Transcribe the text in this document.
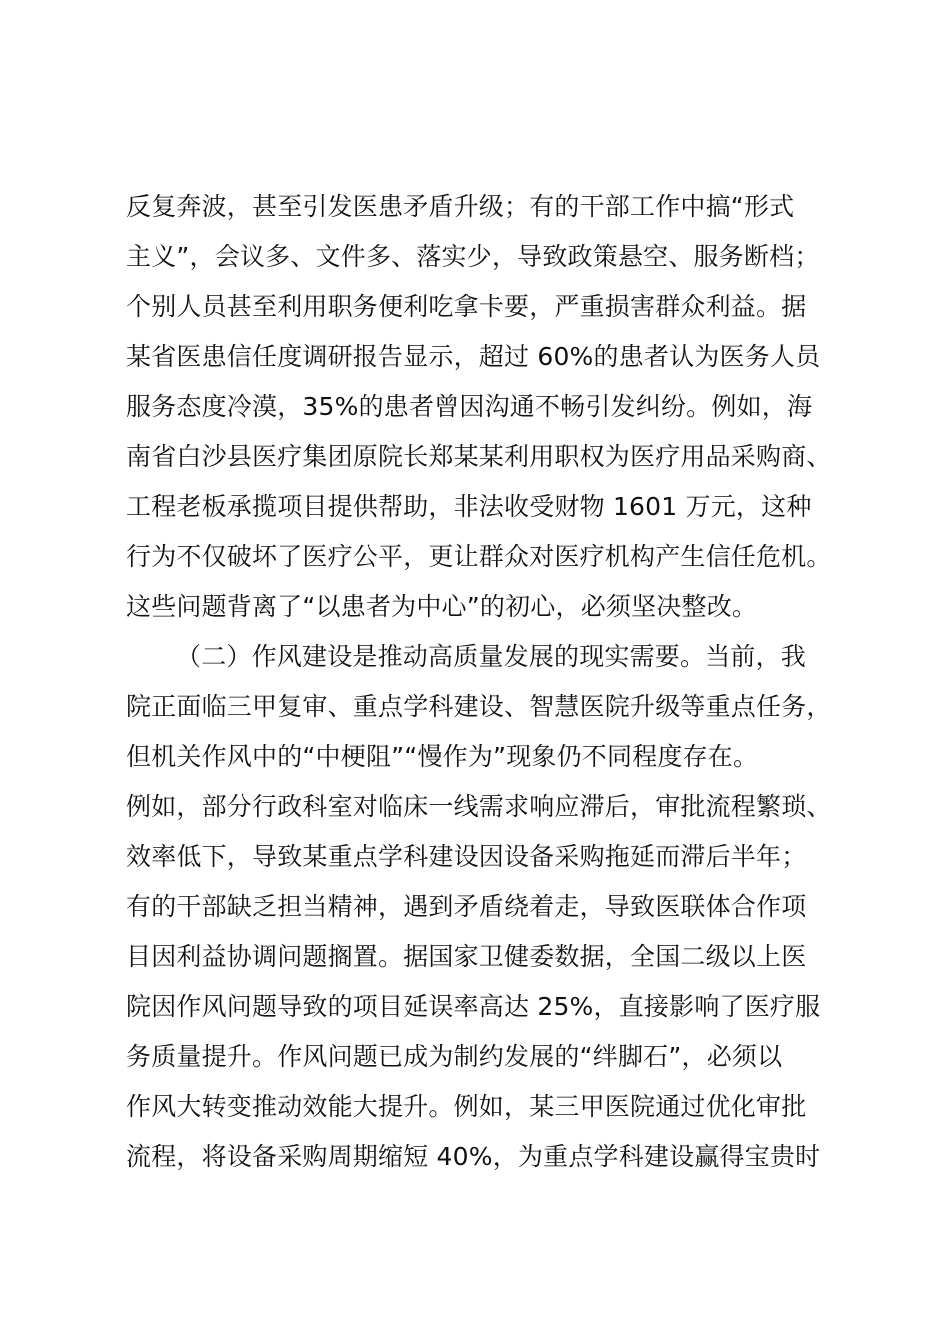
反复奔波，甚至引发医患矛盾升级；有的干部工作中搞“形式
主义”，会议多、文件多、落实少，导致政策悬空、服务断档；
个别人员甚至利用职务便利吃拿卡要，严重损害群众利益。据
某省医患信任度调研报告显示，超过 60%的患者认为医务人员
服务态度冷漠，35%的患者曾因沟通不畅引发纠纷。例如，海
南省白沙县医疗集团原院长郑某某利用职权为医疗用品采购商、
工程老板承揽项目提供帮助，非法收受财物 1601 万元，这种
行为不仅破坏了医疗公平，更让群众对医疗机构产生信任危机。
这些问题背离了“以患者为中心”的初心，必须坚决整改。
（二）作风建设是推动高质量发展的现实需要。当前，我
院正面临三甲复审、重点学科建设、智慧医院升级等重点任务，
但机关作风中的“中梗阻”“慢作为”现象仍不同程度存在。
例如，部分行政科室对临床一线需求响应滞后，审批流程繁琐、
效率低下，导致某重点学科建设因设备采购拖延而滞后半年；
有的干部缺乏担当精神，遇到矛盾绕着走，导致医联体合作项
目因利益协调问题搁置。据国家卫健委数据，全国二级以上医
院因作风问题导致的项目延误率高达 25%，直接影响了医疗服
务质量提升。作风问题已成为制约发展的“绊脚石”，必须以
作风大转变推动效能大提升。例如，某三甲医院通过优化审批
流程，将设备采购周期缩短 40%，为重点学科建设赢得宝贵时
